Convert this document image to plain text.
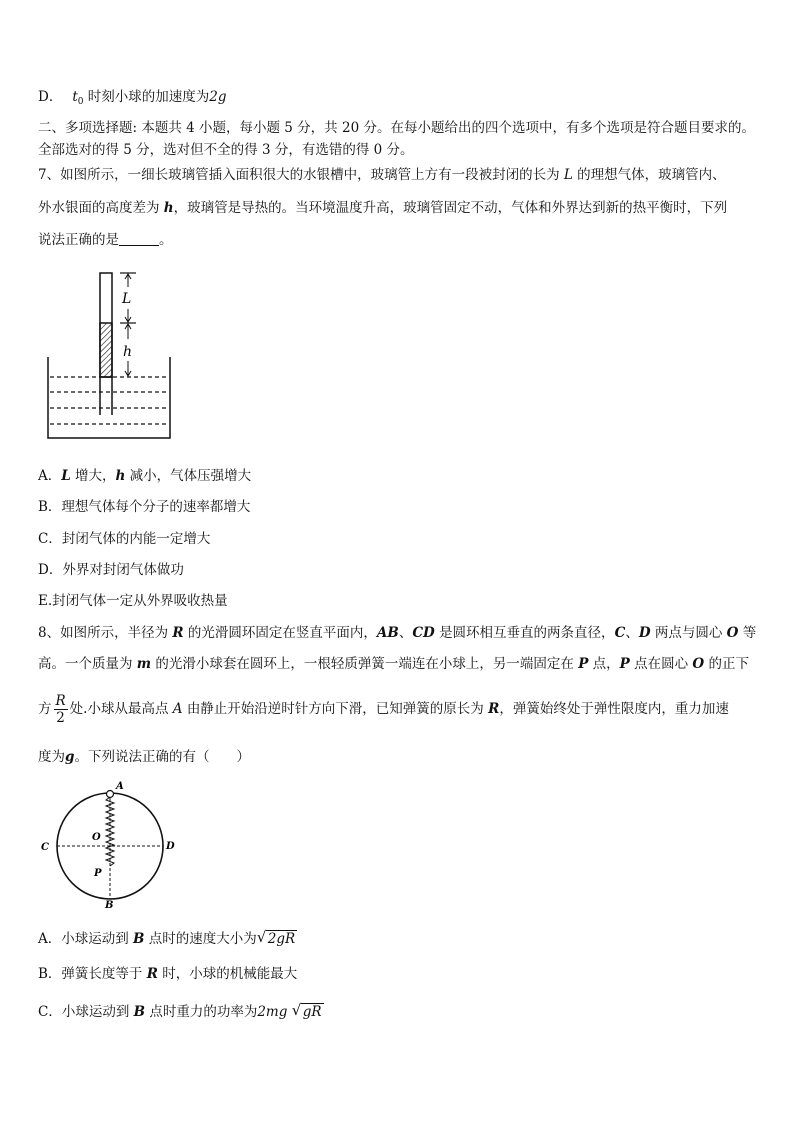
D． $t_0$ 时刻小球的加速度为2g
二、多项选择题: 本题共 4 小题，每小题 5 分，共 20 分。在每小题给出的四个选项中，有多个选项是符合题目要求的。
全部选对的得 5 分，选对但不全的得 3 分，有选错的得 0 分。
7、如图所示，一细长玻璃管插入面积很大的水银槽中，玻璃管上方有一段被封闭的长为 L 的理想气体，玻璃管内、
外水银面的高度差为 h，玻璃管是导热的。当环境温度升高，玻璃管固定不动，气体和外界达到新的热平衡时，下列
说法正确的是	。
L
h
A．L 增大，h 减小，气体压强增大
B．理想气体每个分子的速率都增大
C．封闭气体的内能一定增大
D．外界对封闭气体做功
E.封闭气体一定从外界吸收热量
8、如图所示，半径为 R 的光滑圆环固定在竖直平面内，AB、CD 是圆环相互垂直的两条直径，C、D 两点与圆心 O 等
高。一个质量为 m 的光滑小球套在圆环上，一根轻质弹簧一端连在小球上，另一端固定在 P 点，P 点在圆心 O 的正下
方 $\frac{R}{2}$ 处.小球从最高点 A 由静止开始沿逆时针方向下滑，已知弹簧的原长为 R，弹簧始终处于弹性限度内，重力加速
度为g。下列说法正确的有（　　）
A
O
C	D
P
B
A．小球运动到 B 点时的速度大小为 √ 2gR
B．弹簧长度等于 R 时，小球的机械能最大
C．小球运动到 B 点时重力的功率为2mg √ gR
